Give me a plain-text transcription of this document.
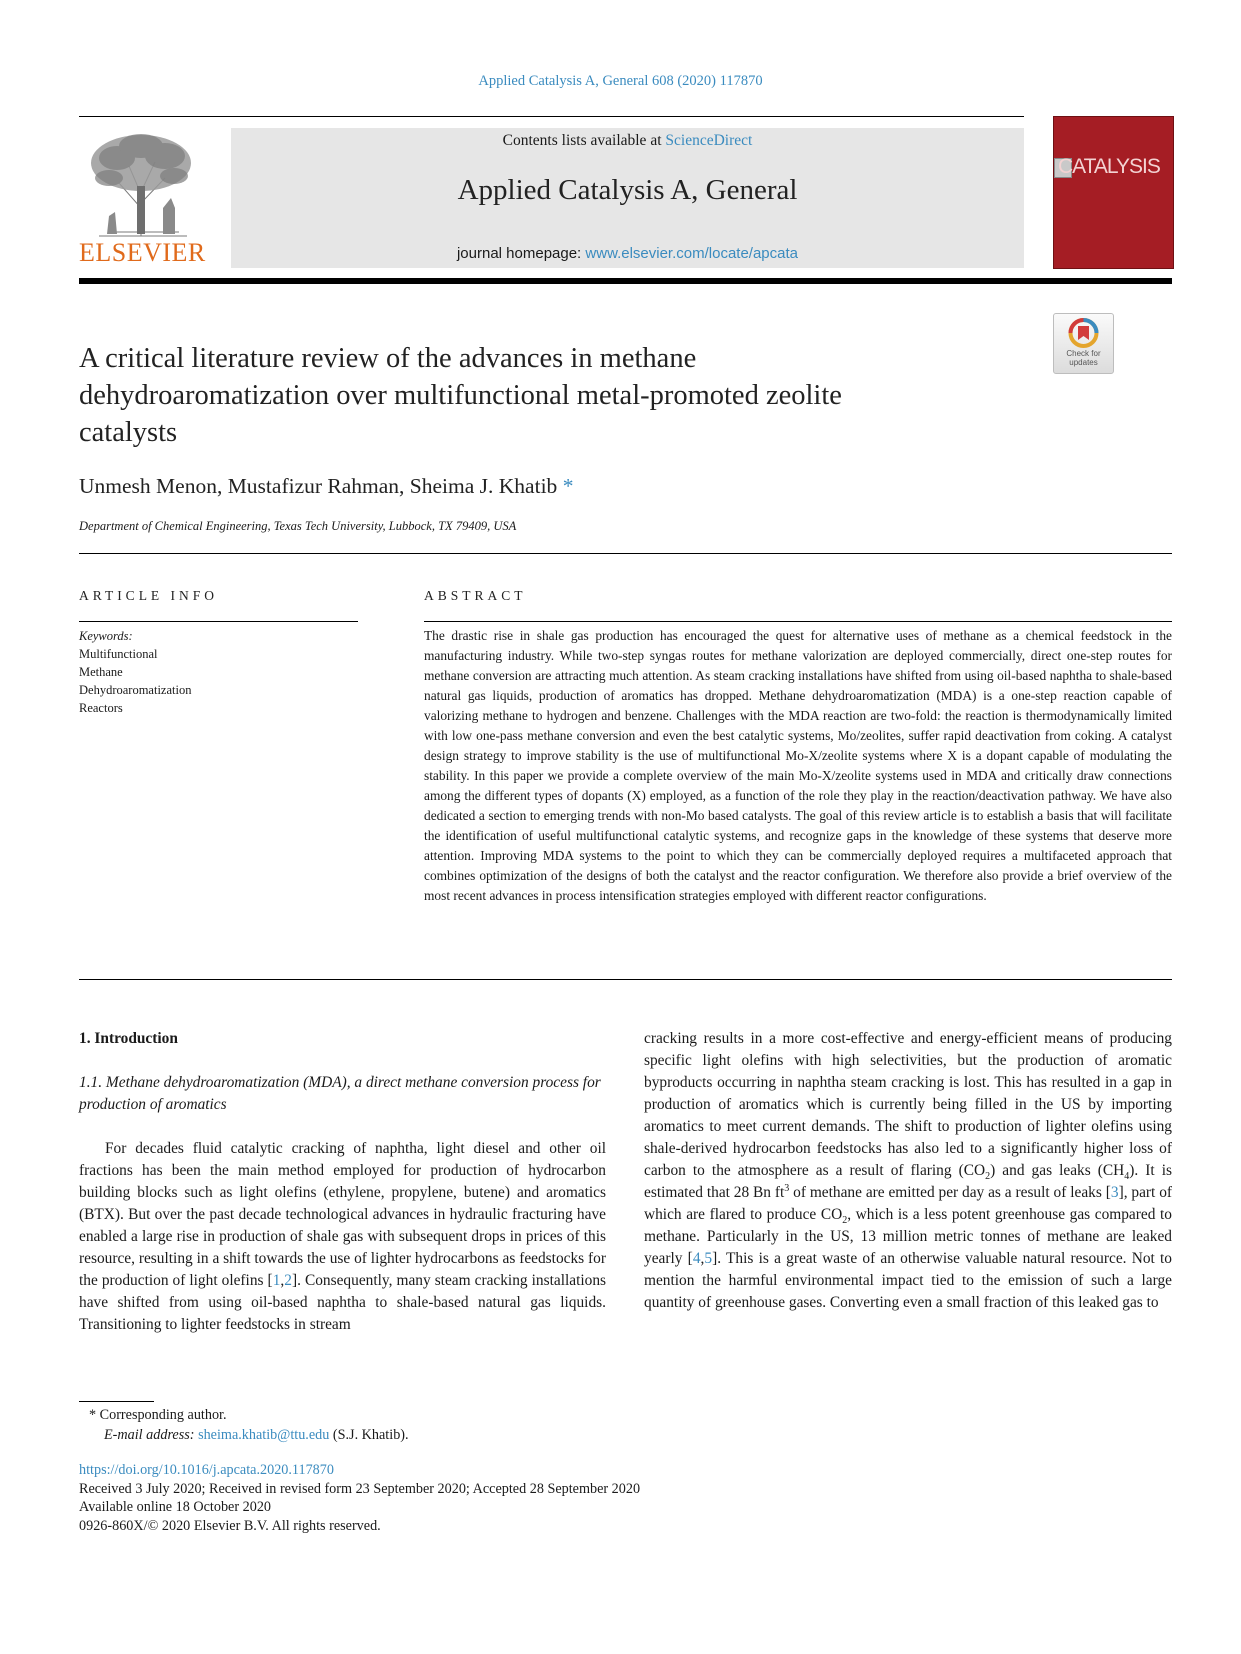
Applied Catalysis A, General 608 (2020) 117870
ELSEVIER
Contents lists available at ScienceDirect
Applied Catalysis A, General
journal homepage: www.elsevier.com/locate/apcata
CATALYSIS
Check for
updates
A critical literature review of the advances in methane dehydroaromatization over multifunctional metal-promoted zeolite catalysts
Unmesh Menon, Mustafizur Rahman, Sheima J. Khatib *
Department of Chemical Engineering, Texas Tech University, Lubbock, TX 79409, USA
ARTICLE INFO	ABSTRACT
Keywords:
Multifunctional
Methane
Dehydroaromatization
Reactors
The drastic rise in shale gas production has encouraged the quest for alternative uses of methane as a chemical feedstock in the manufacturing industry. While two-step syngas routes for methane valorization are deployed commercially, direct one-step routes for methane conversion are attracting much attention. As steam cracking installations have shifted from using oil-based naphtha to shale-based natural gas liquids, production of aromatics has dropped. Methane dehydroaromatization (MDA) is a one-step reaction capable of valorizing methane to hydrogen and benzene. Challenges with the MDA reaction are two-fold: the reaction is thermodynamically limited with low one-pass methane conversion and even the best catalytic systems, Mo/zeolites, suffer rapid deactivation from coking. A catalyst design strategy to improve stability is the use of multifunctional Mo-X/zeolite systems where X is a dopant capable of modulating the stability. In this paper we provide a complete overview of the main Mo-X/zeolite systems used in MDA and critically draw connections among the different types of dopants (X) employed, as a function of the role they play in the reaction/deactivation pathway. We have also dedicated a section to emerging trends with non-Mo based catalysts. The goal of this review article is to establish a basis that will facilitate the identification of useful multifunctional catalytic systems, and recognize gaps in the knowledge of these systems that deserve more attention. Improving MDA systems to the point to which they can be commercially deployed requires a multifaceted approach that combines optimization of the designs of both the catalyst and the reactor configuration. We therefore also provide a brief overview of the most recent advances in process intensification strategies employed with different reactor configurations.

1. Introduction

1.1. Methane dehydroaromatization (MDA), a direct methane conversion process for production of aromatics

For decades fluid catalytic cracking of naphtha, light diesel and other oil fractions has been the main method employed for production of hydrocarbon building blocks such as light olefins (ethylene, propylene, butene) and aromatics (BTX). But over the past decade technological advances in hydraulic fracturing have enabled a large rise in production of shale gas with subsequent drops in prices of this resource, resulting in a shift towards the use of lighter hydrocarbons as feedstocks for the production of light olefins [1,2]. Consequently, many steam cracking installations have shifted from using oil-based naphtha to shale-based natural gas liquids. Transitioning to lighter feedstocks in stream

cracking results in a more cost-effective and energy-efficient means of producing specific light olefins with high selectivities, but the production of aromatic byproducts occurring in naphtha steam cracking is lost. This has resulted in a gap in production of aromatics which is currently being filled in the US by importing aromatics to meet current demands. The shift to production of lighter olefins using shale-derived hydrocarbon feedstocks has also led to a significantly higher loss of carbon to the atmosphere as a result of flaring $(CO_2)$ and gas leaks $(CH_4)$. It is estimated that 28 Bn $ft^3$ of methane are emitted per day as a result of leaks [3], part of which are flared to produce $CO_2$, which is a less potent greenhouse gas compared to methane. Particularly in the US, 13 million metric tonnes of methane are leaked yearly [4,5]. This is a great waste of an otherwise valuable natural resource. Not to mention the harmful environmental impact tied to the emission of such a large quantity of greenhouse gases. Converting even a small fraction of this leaked gas to

* Corresponding author.
E-mail address: sheima.khatib@ttu.edu (S.J. Khatib).
https://doi.org/10.1016/j.apcata.2020.117870
Received 3 July 2020; Received in revised form 23 September 2020; Accepted 28 September 2020
Available online 18 October 2020
0926-860X/© 2020 Elsevier B.V. All rights reserved.
